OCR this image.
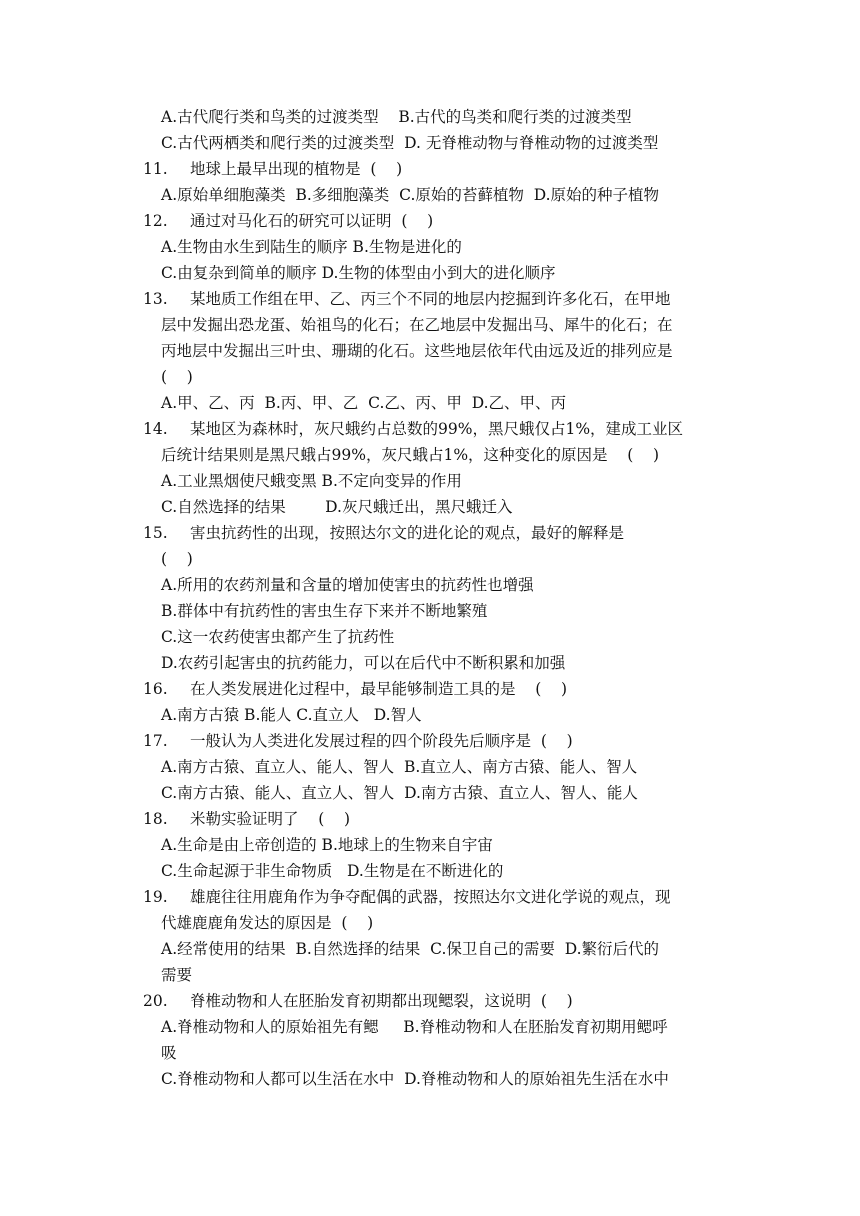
A.古代爬行类和鸟类的过渡类型    B.古代的鸟类和爬行类的过渡类型
C.古代两栖类和爬行类的过渡类型  D. 无脊椎动物与脊椎动物的过渡类型
11. 地球上最早出现的植物是  (    )
A.原始单细胞藻类  B.多细胞藻类  C.原始的苔藓植物  D.原始的种子植物
12. 通过对马化石的研究可以证明  (    )
A.生物由水生到陆生的顺序 B.生物是进化的
C.由复杂到简单的顺序 D.生物的体型由小到大的进化顺序
13. 某地质工作组在甲、乙、丙三个不同的地层内挖掘到许多化石，在甲地
层中发掘出恐龙蛋、始祖鸟的化石；在乙地层中发掘出马、犀牛的化石；在
丙地层中发掘出三叶虫、珊瑚的化石。这些地层依年代由远及近的排列应是
(    )
A.甲、乙、丙  B.丙、甲、乙  C.乙、丙、甲  D.乙、甲、丙
14. 某地区为森林时，灰尺蛾约占总数的99%，黑尺蛾仅占1%，建成工业区
后统计结果则是黑尺蛾占99%，灰尺蛾占1%，这种变化的原因是    (    )
A.工业黑烟使尺蛾变黑 B.不定向变异的作用
C.自然选择的结果        D.灰尺蛾迁出，黑尺蛾迁入
15. 害虫抗药性的出现，按照达尔文的进化论的观点，最好的解释是
(    )
A.所用的农药剂量和含量的增加使害虫的抗药性也增强
B.群体中有抗药性的害虫生存下来并不断地繁殖
C.这一农药使害虫都产生了抗药性
D.农药引起害虫的抗药能力，可以在后代中不断积累和加强
16. 在人类发展进化过程中，最早能够制造工具的是    (    )
A.南方古猿 B.能人 C.直立人   D.智人
17. 一般认为人类进化发展过程的四个阶段先后顺序是  (    )
A.南方古猿、直立人、能人、智人  B.直立人、南方古猿、能人、智人
C.南方古猿、能人、直立人、智人  D.南方古猿、直立人、智人、能人
18. 米勒实验证明了    (    )
A.生命是由上帝创造的 B.地球上的生物来自宇宙
C.生命起源于非生命物质   D.生物是在不断进化的
19. 雄鹿往往用鹿角作为争夺配偶的武器，按照达尔文进化学说的观点，现
代雄鹿鹿角发达的原因是  (    )
A.经常使用的结果  B.自然选择的结果  C.保卫自己的需要  D.繁衍后代的
需要
20. 脊椎动物和人在胚胎发育初期都出现鳃裂，这说明  (    )
A.脊椎动物和人的原始祖先有鳃     B.脊椎动物和人在胚胎发育初期用鳃呼
吸
C.脊椎动物和人都可以生活在水中  D.脊椎动物和人的原始祖先生活在水中
